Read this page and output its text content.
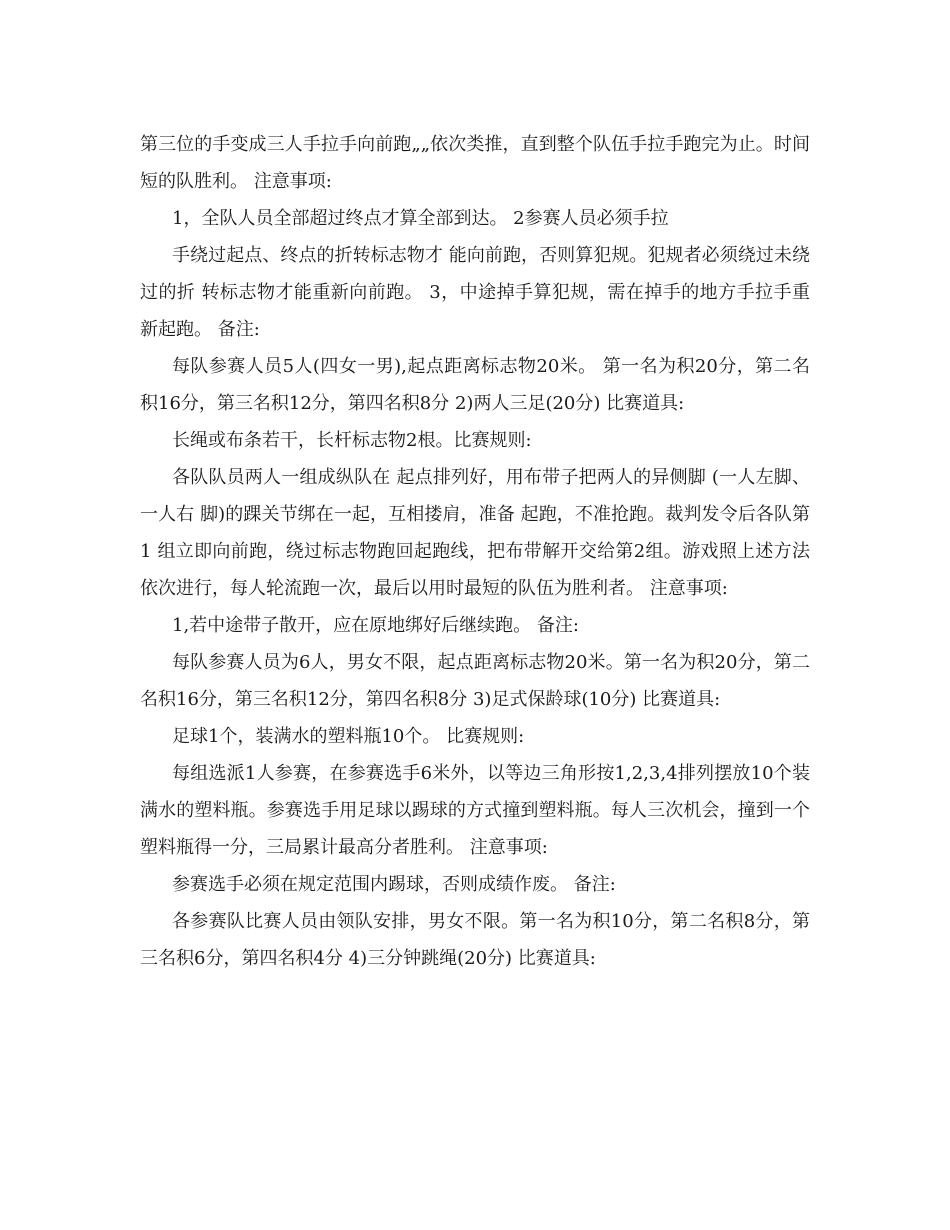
第三位的手变成三人手拉手向前跑„„依次类推，直到整个队伍手拉手跑完为止。时间短的队胜利。 注意事项:

1，全队人员全部超过终点才算全部到达。 2参赛人员必须手拉

手绕过起点、终点的折转标志物才 能向前跑，否则算犯规。犯规者必须绕过未绕过的折 转标志物才能重新向前跑。 3，中途掉手算犯规，需在掉手的地方手拉手重新起跑。 备注:

每队参赛人员5人(四女一男),起点距离标志物20米。 第一名为积20分，第二名积16分，第三名积12分，第四名积8分 2)两人三足(20分) 比赛道具:

长绳或布条若干，长杆标志物2根。比赛规则:

各队队员两人一组成纵队在 起点排列好，用布带子把两人的异侧脚 (一人左脚、一人右 脚)的踝关节绑在一起，互相搂肩，准备 起跑，不准抢跑。裁判发令后各队第1 组立即向前跑，绕过标志物跑回起跑线，把布带解开交给第2组。游戏照上述方法依次进行，每人轮流跑一次，最后以用时最短的队伍为胜利者。 注意事项:

1,若中途带子散开，应在原地绑好后继续跑。 备注:

每队参赛人员为6人，男女不限，起点距离标志物20米。第一名为积20分，第二名积16分，第三名积12分，第四名积8分 3)足式保龄球(10分) 比赛道具:

足球1个，装满水的塑料瓶10个。 比赛规则:

每组选派1人参赛，在参赛选手6米外，以等边三角形按1,2,3,4排列摆放10个装满水的塑料瓶。参赛选手用足球以踢球的方式撞到塑料瓶。每人三次机会，撞到一个塑料瓶得一分，三局累计最高分者胜利。 注意事项:

参赛选手必须在规定范围内踢球，否则成绩作废。 备注:

各参赛队比赛人员由领队安排，男女不限。第一名为积10分，第二名积8分，第三名积6分，第四名积4分 4)三分钟跳绳(20分) 比赛道具:
